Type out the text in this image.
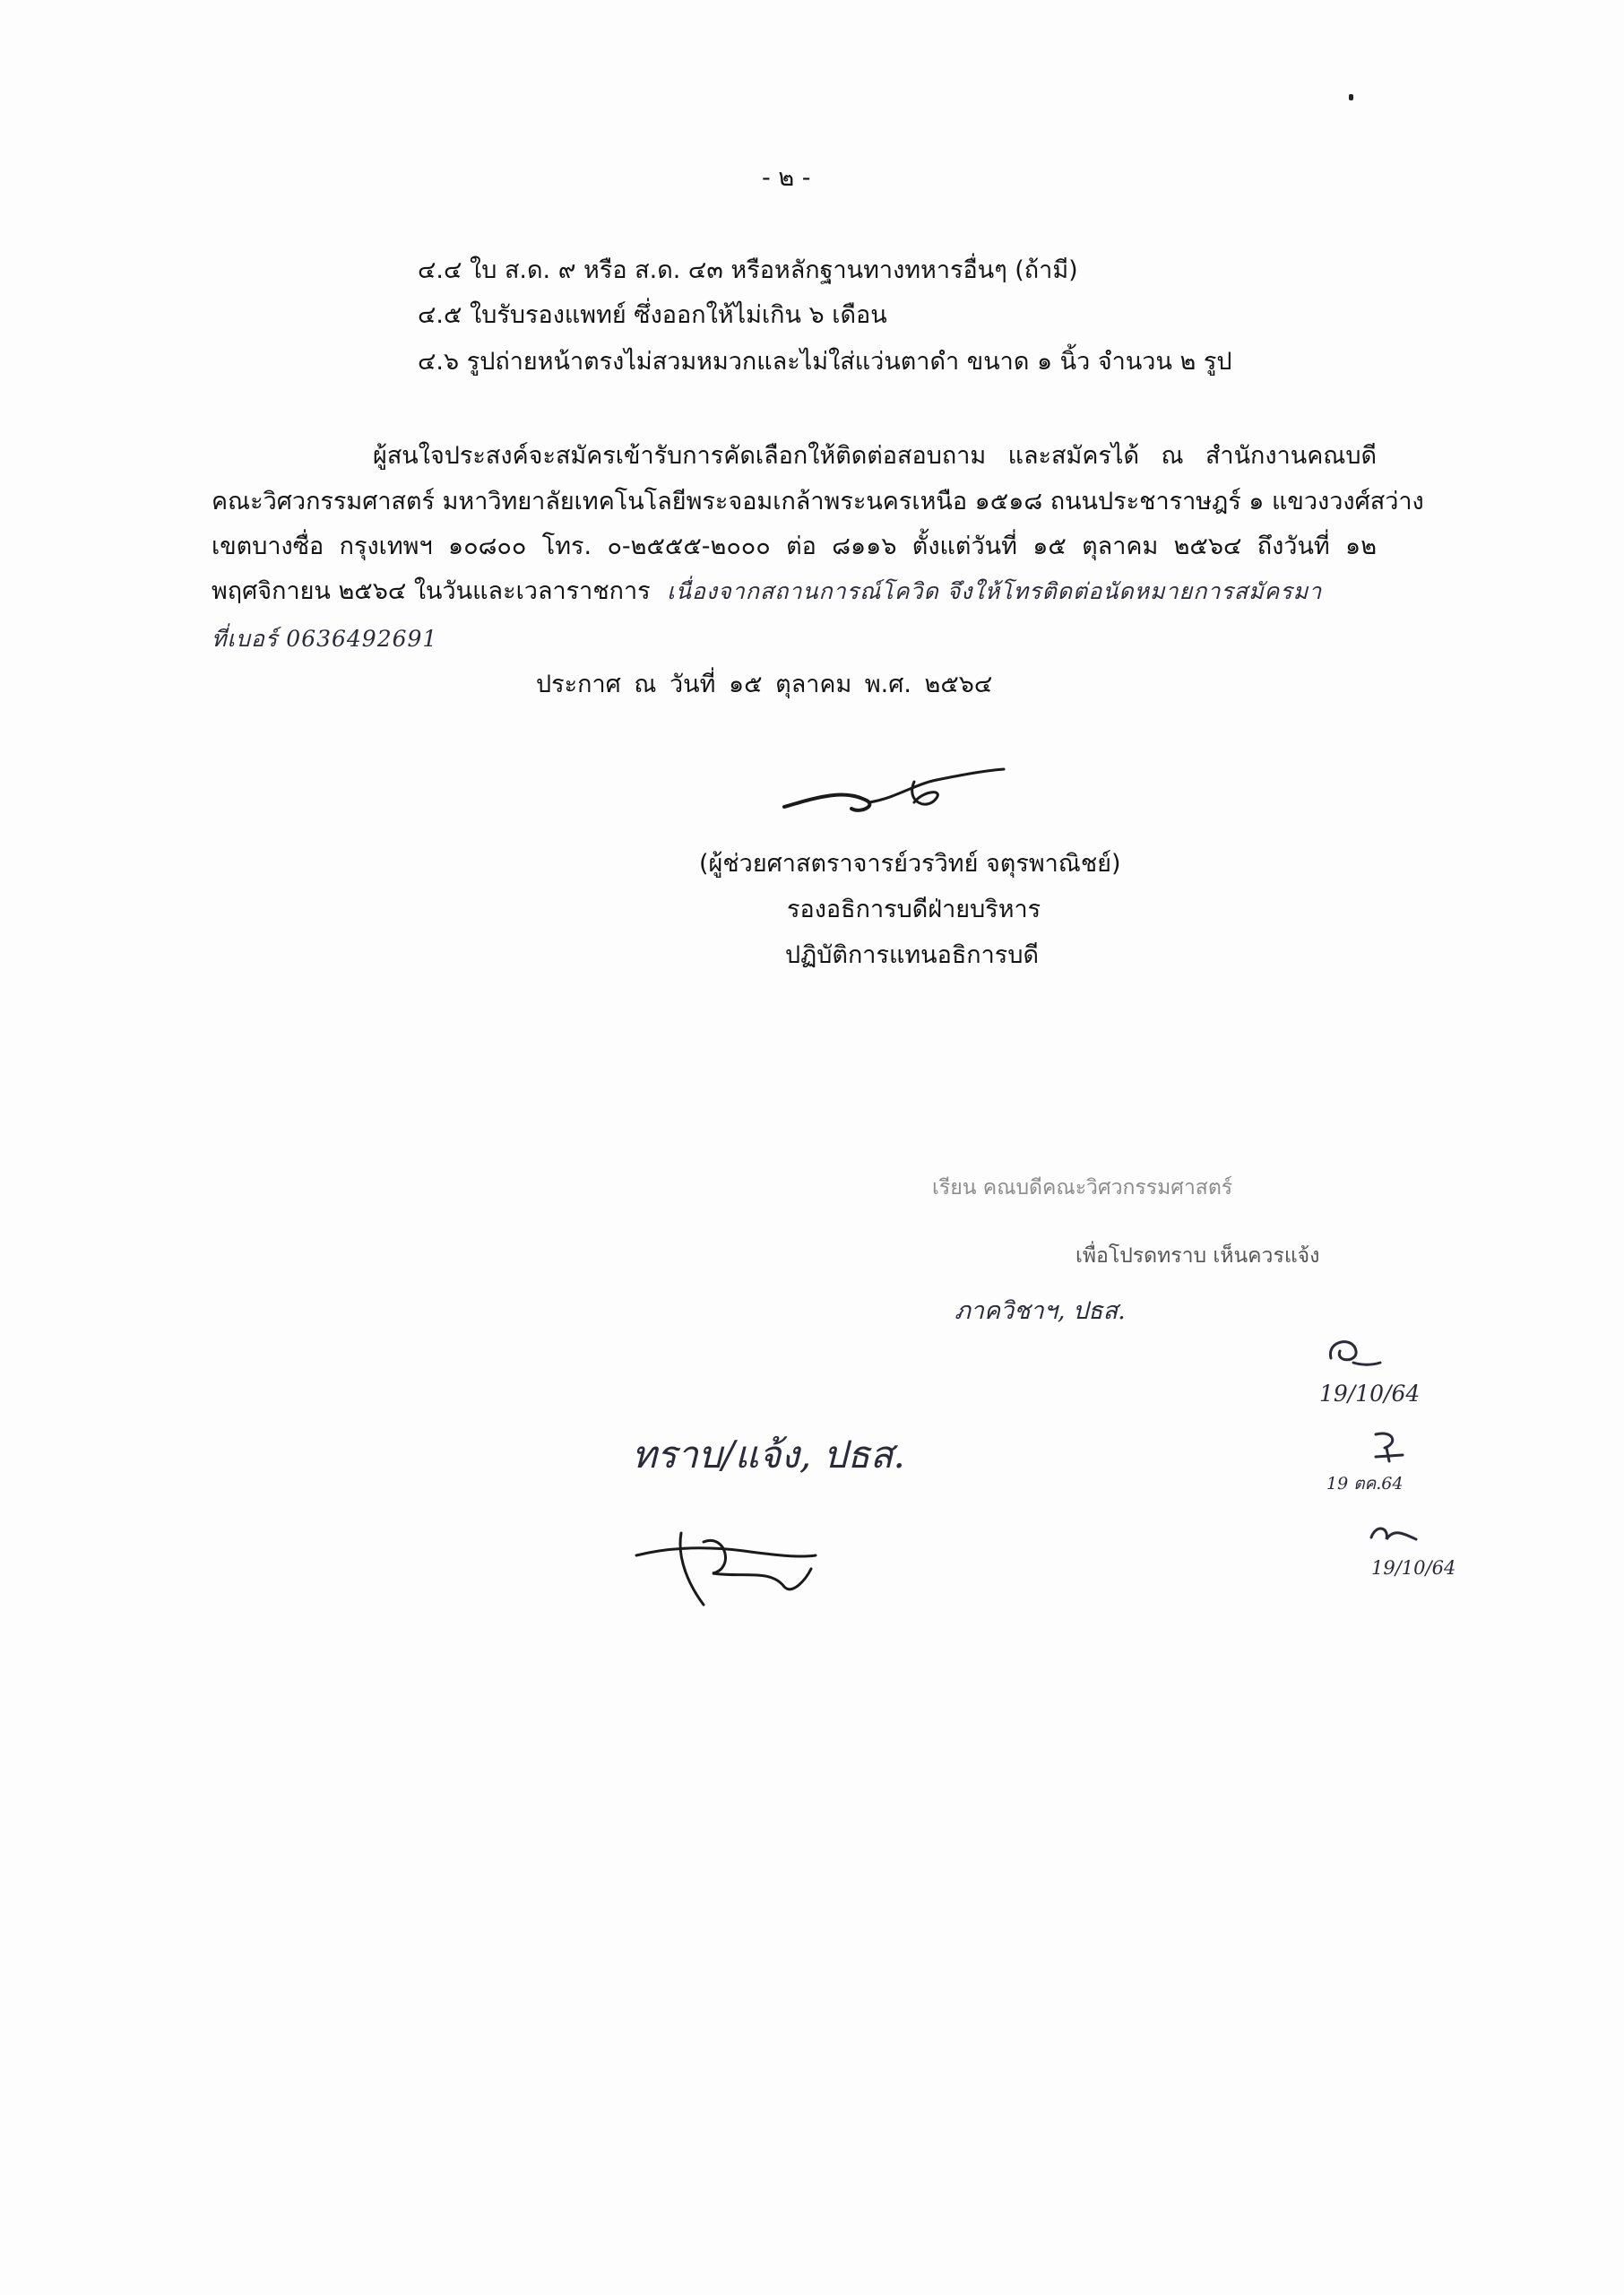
- ๒ -
๔.๔ ใบ ส.ด. ๙ หรือ ส.ด. ๔๓ หรือหลักฐานทางทหารอื่นๆ (ถ้ามี)
๔.๕ ใบรับรองแพทย์ ซึ่งออกให้ไม่เกิน ๖ เดือน
๔.๖ รูปถ่ายหน้าตรงไม่สวมหมวกและไม่ใส่แว่นตาดำ ขนาด ๑ นิ้ว จำนวน ๒ รูป
ผู้สนใจประสงค์จะสมัครเข้ารับการคัดเลือกให้ติดต่อสอบถาม และสมัครได้ ณ สำนักงานคณบดี
คณะวิศวกรรมศาสตร์ มหาวิทยาลัยเทคโนโลยีพระจอมเกล้าพระนครเหนือ ๑๕๑๘ ถนนประชาราษฎร์ ๑ แขวงวงศ์สว่าง
เขตบางซื่อ กรุงเทพฯ ๑๐๘๐๐ โทร. ๐-๒๕๕๕-๒๐๐๐ ต่อ ๘๑๑๖ ตั้งแต่วันที่ ๑๕ ตุลาคม ๒๕๖๔ ถึงวันที่ ๑๒
พฤศจิกายน ๒๕๖๔ ในวันและเวลาราชการ เนื่องจากสถานการณ์โควิด จึงให้โทรติดต่อนัดหมายการสมัครมา
ที่เบอร์ 0636492691
ประกาศ ณ วันที่ ๑๕ ตุลาคม พ.ศ. ๒๕๖๔
(ผู้ช่วยศาสตราจารย์วรวิทย์ จตุรพาณิชย์)
รองอธิการบดีฝ่ายบริหาร
ปฏิบัติการแทนอธิการบดี
เรียน คณบดีคณะวิศวกรรมศาสตร์
เพื่อโปรดทราบ เห็นควรแจ้ง
ภาควิชาฯ, ปธส.
19/10/64
19 ตค.64
19/10/64
ทราบ/แจ้ง, ปธส.
